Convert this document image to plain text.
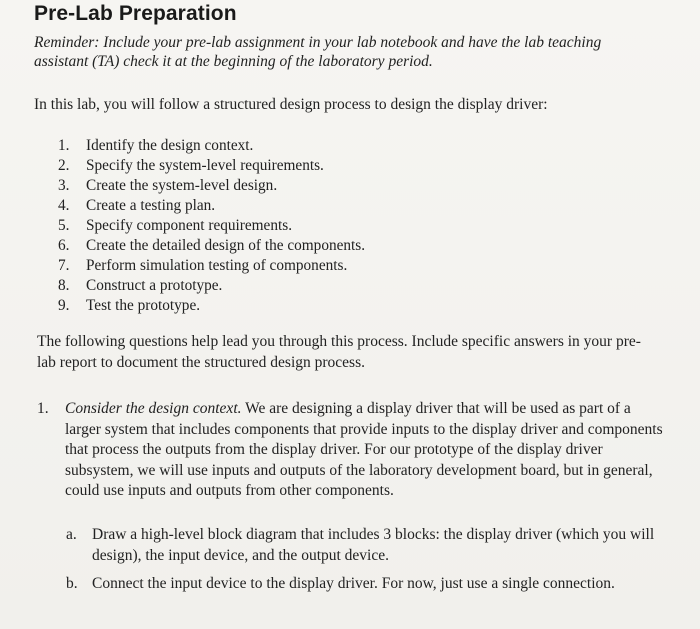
Pre-Lab Preparation
Reminder: Include your pre-lab assignment in your lab notebook and have the lab teaching assistant (TA) check it at the beginning of the laboratory period.
In this lab, you will follow a structured design process to design the display driver:
1. Identify the design context.
2. Specify the system-level requirements.
3. Create the system-level design.
4. Create a testing plan.
5. Specify component requirements.
6. Create the detailed design of the components.
7. Perform simulation testing of components.
8. Construct a prototype.
9. Test the prototype.
The following questions help lead you through this process. Include specific answers in your pre-lab report to document the structured design process.
1. Consider the design context. We are designing a display driver that will be used as part of a larger system that includes components that provide inputs to the display driver and components that process the outputs from the display driver. For our prototype of the display driver subsystem, we will use inputs and outputs of the laboratory development board, but in general, could use inputs and outputs from other components.
a. Draw a high-level block diagram that includes 3 blocks: the display driver (which you will design), the input device, and the output device.
b. Connect the input device to the display driver. For now, just use a single connection.
